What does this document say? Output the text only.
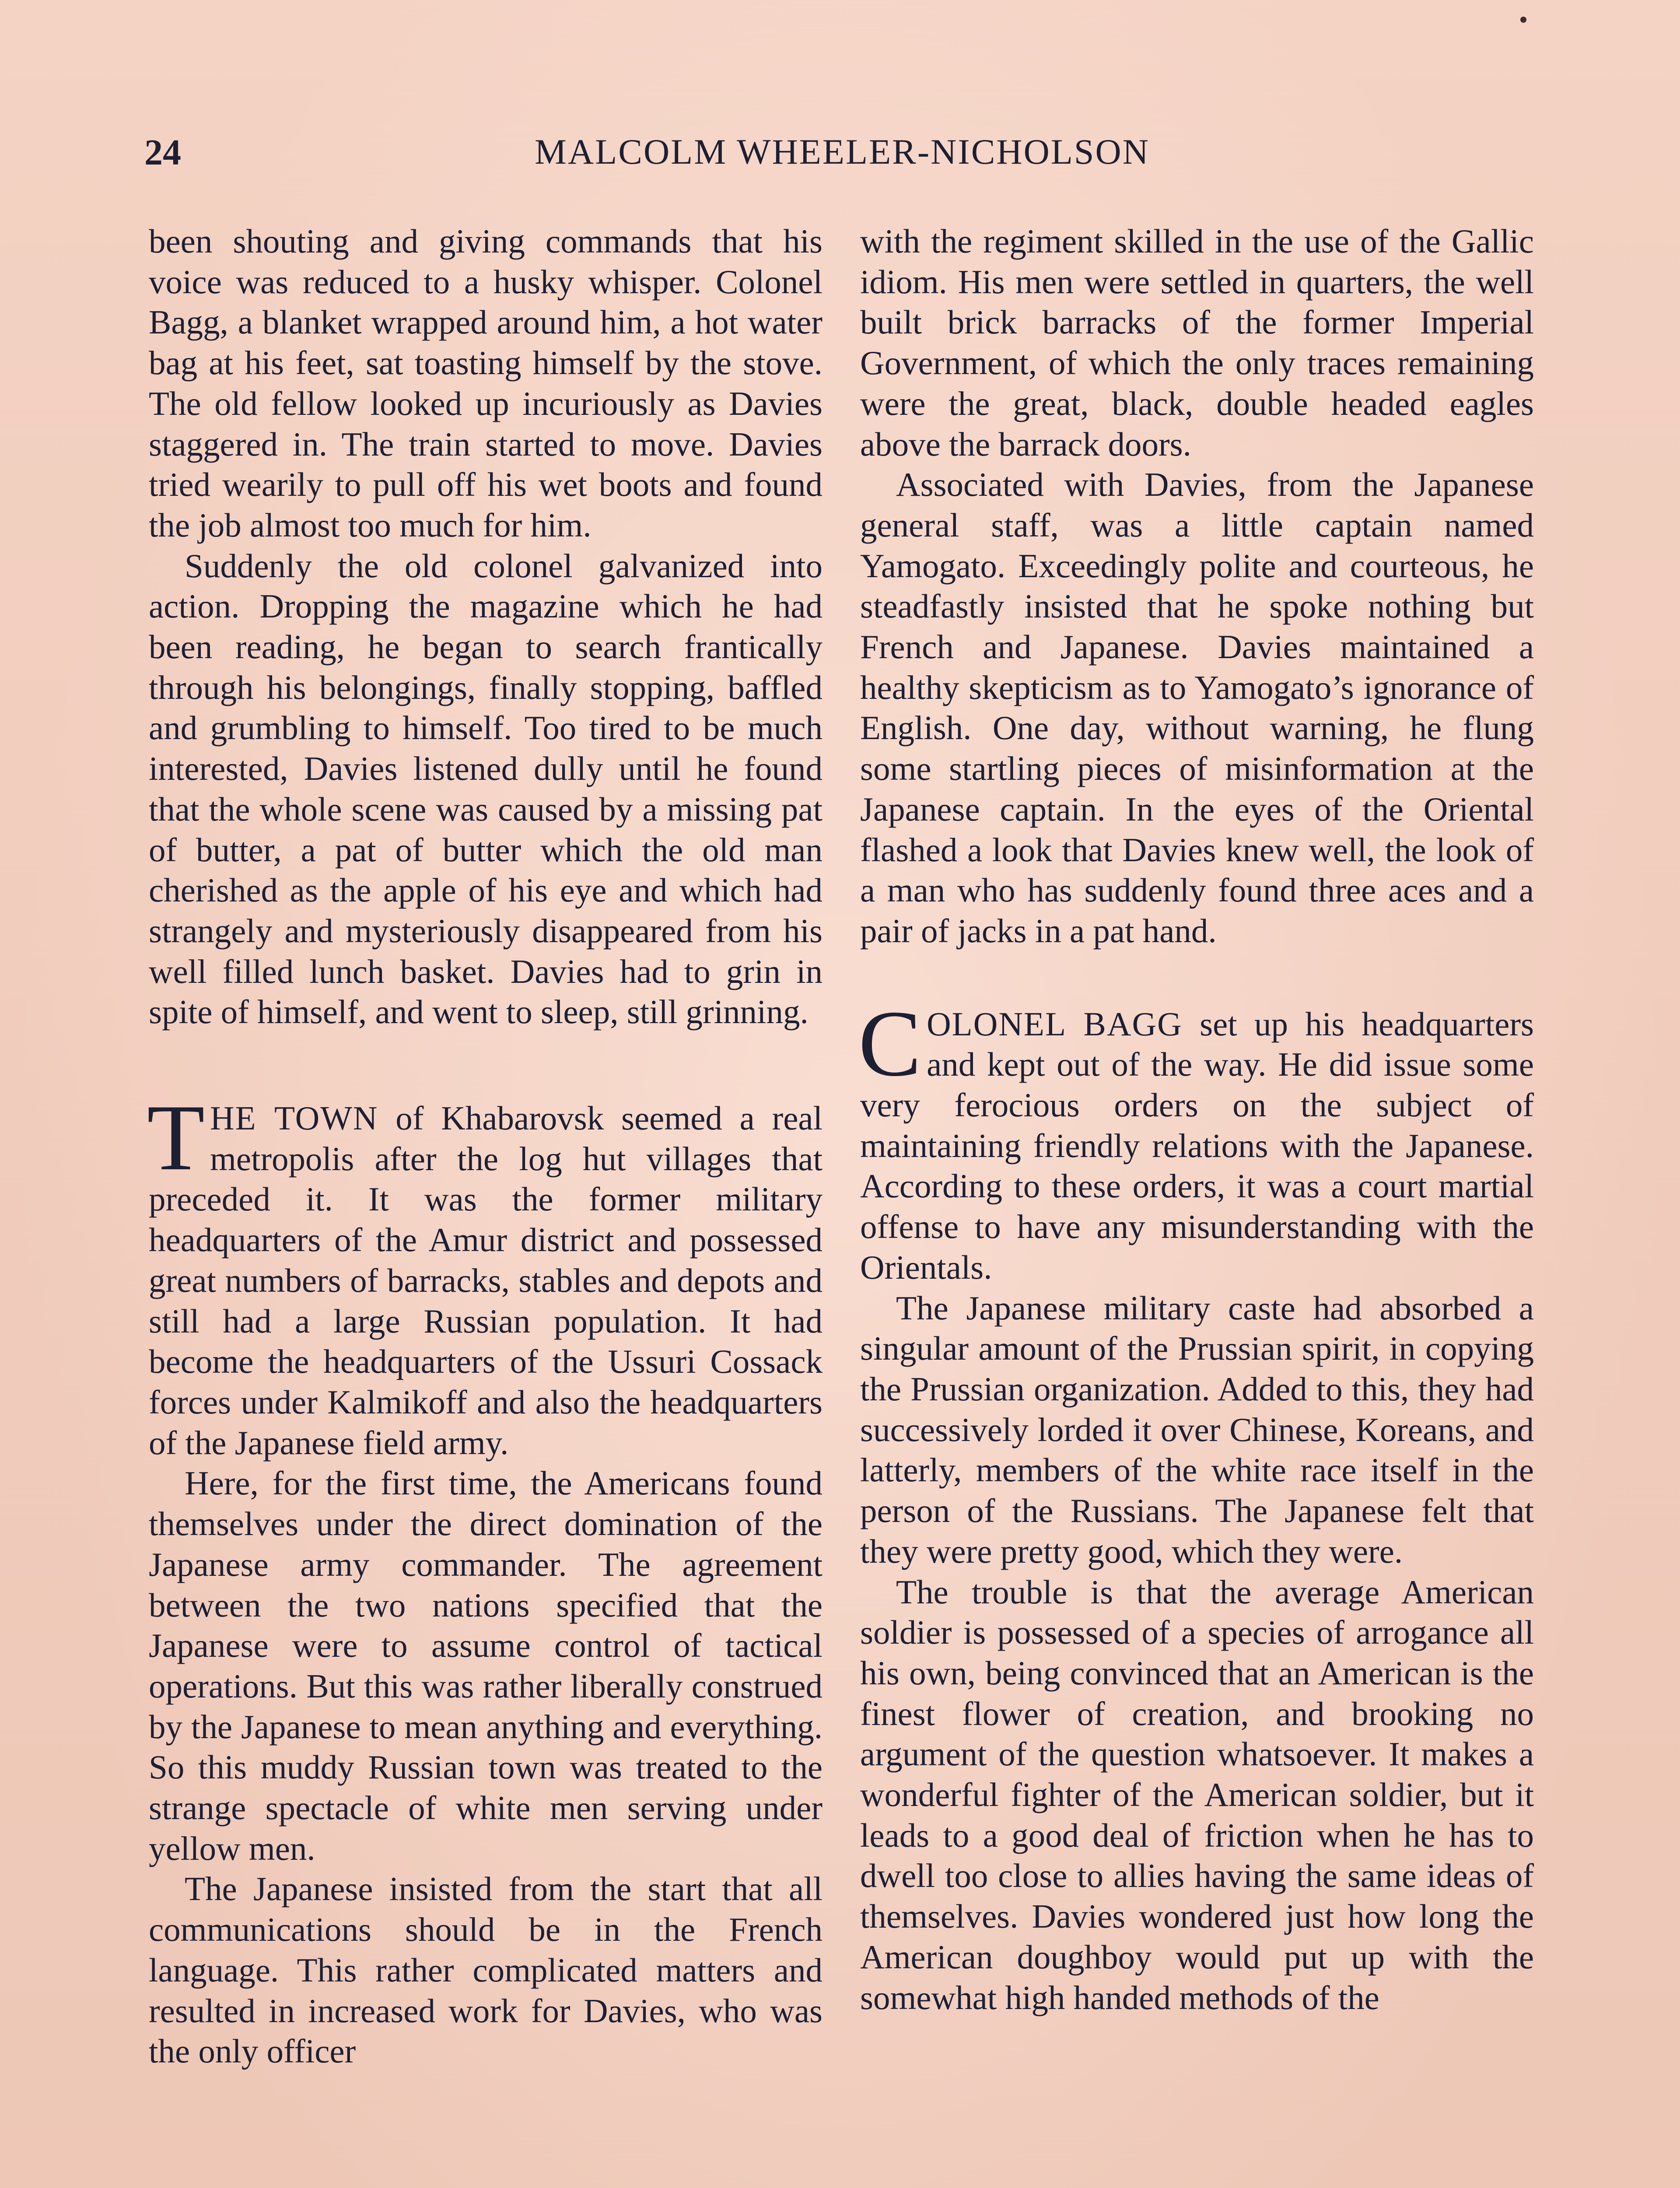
24	MALCOLM WHEELER-NICHOLSON

been shouting and giving commands that his voice was reduced to a husky whisper. Colonel Bagg, a blanket wrapped around him, a hot water bag at his feet, sat toasting himself by the stove. The old fellow looked up incuriously as Davies staggered in. The train started to move. Davies tried wearily to pull off his wet boots and found the job almost too much for him.

Suddenly the old colonel galvanized into action. Dropping the magazine which he had been reading, he began to search frantically through his belongings, finally stopping, baffled and grumbling to himself. Too tired to be much interested, Davies listened dully until he found that the whole scene was caused by a missing pat of butter, a pat of butter which the old man cherished as the apple of his eye and which had strangely and mysteriously disappeared from his well filled lunch basket. Davies had to grin in spite of himself, and went to sleep, still grinning.

THE TOWN of Khabarovsk seemed a real metropolis after the log hut villages that preceded it. It was the former military headquarters of the Amur district and possessed great numbers of barracks, stables and depots and still had a large Russian population. It had become the headquarters of the Ussuri Cossack forces under Kalmikoff and also the headquarters of the Japanese field army.

Here, for the first time, the Americans found themselves under the direct domination of the Japanese army commander. The agreement between the two nations specified that the Japanese were to assume control of tactical operations. But this was rather liberally construed by the Japanese to mean anything and everything. So this muddy Russian town was treated to the strange spectacle of white men serving under yellow men.

The Japanese insisted from the start that all communications should be in the French language. This rather complicated matters and resulted in increased work for Davies, who was the only officer

with the regiment skilled in the use of the Gallic idiom. His men were settled in quarters, the well built brick barracks of the former Imperial Government, of which the only traces remaining were the great, black, double headed eagles above the barrack doors.

Associated with Davies, from the Japanese general staff, was a little captain named Yamogato. Exceedingly polite and courteous, he steadfastly insisted that he spoke nothing but French and Japanese. Davies maintained a healthy skepticism as to Yamogato’s ignorance of English. One day, without warning, he flung some startling pieces of misinformation at the Japanese captain. In the eyes of the Oriental flashed a look that Davies knew well, the look of a man who has suddenly found three aces and a pair of jacks in a pat hand.

COLONEL BAGG set up his headquarters and kept out of the way. He did issue some very ferocious orders on the subject of maintaining friendly relations with the Japanese. According to these orders, it was a court martial offense to have any misunderstanding with the Orientals.

The Japanese military caste had absorbed a singular amount of the Prussian spirit, in copying the Prussian organization. Added to this, they had successively lorded it over Chinese, Koreans, and latterly, members of the white race itself in the person of the Russians. The Japanese felt that they were pretty good, which they were.

The trouble is that the average American soldier is possessed of a species of arrogance all his own, being convinced that an American is the finest flower of creation, and brooking no argument of the question whatsoever. It makes a wonderful fighter of the American soldier, but it leads to a good deal of friction when he has to dwell too close to allies having the same ideas of themselves. Davies wondered just how long the American doughboy would put up with the somewhat high handed methods of the
